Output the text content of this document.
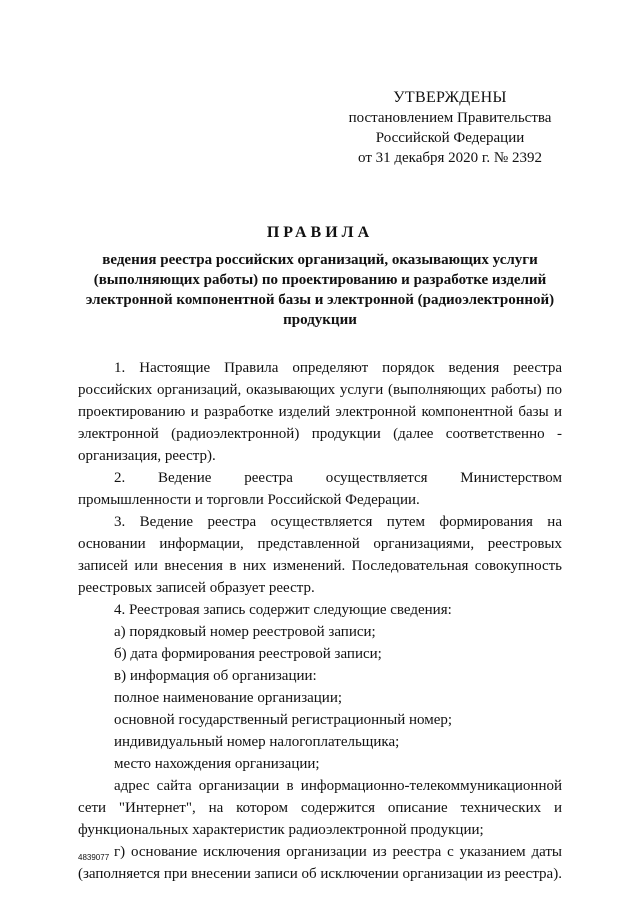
УТВЕРЖДЕНЫ
постановлением Правительства
Российской Федерации
от 31 декабря 2020 г. № 2392
ПРАВИЛА
ведения реестра российских организаций, оказывающих услуги (выполняющих работы) по проектированию и разработке изделий электронной компонентной базы и электронной (радиоэлектронной) продукции

1. Настоящие Правила определяют порядок ведения реестра российских организаций, оказывающих услуги (выполняющих работы) по проектированию и разработке изделий электронной компонентной базы и электронной (радиоэлектронной) продукции (далее соответственно - организация, реестр).

2. Ведение реестра осуществляется Министерством промышленности и торговли Российской Федерации.

3. Ведение реестра осуществляется путем формирования на основании информации, представленной организациями, реестровых записей или внесения в них изменений. Последовательная совокупность реестровых записей образует реестр.

4. Реестровая запись содержит следующие сведения:

а) порядковый номер реестровой записи;

б) дата формирования реестровой записи;

в) информация об организации:

полное наименование организации;

основной государственный регистрационный номер;

индивидуальный номер налогоплательщика;

место нахождения организации;

адрес сайта организации в информационно-телекоммуникационной сети "Интернет", на котором содержится описание технических и функциональных характеристик радиоэлектронной продукции;

г) основание исключения организации из реестра с указанием даты (заполняется при внесении записи об исключении организации из реестра).

4839077
